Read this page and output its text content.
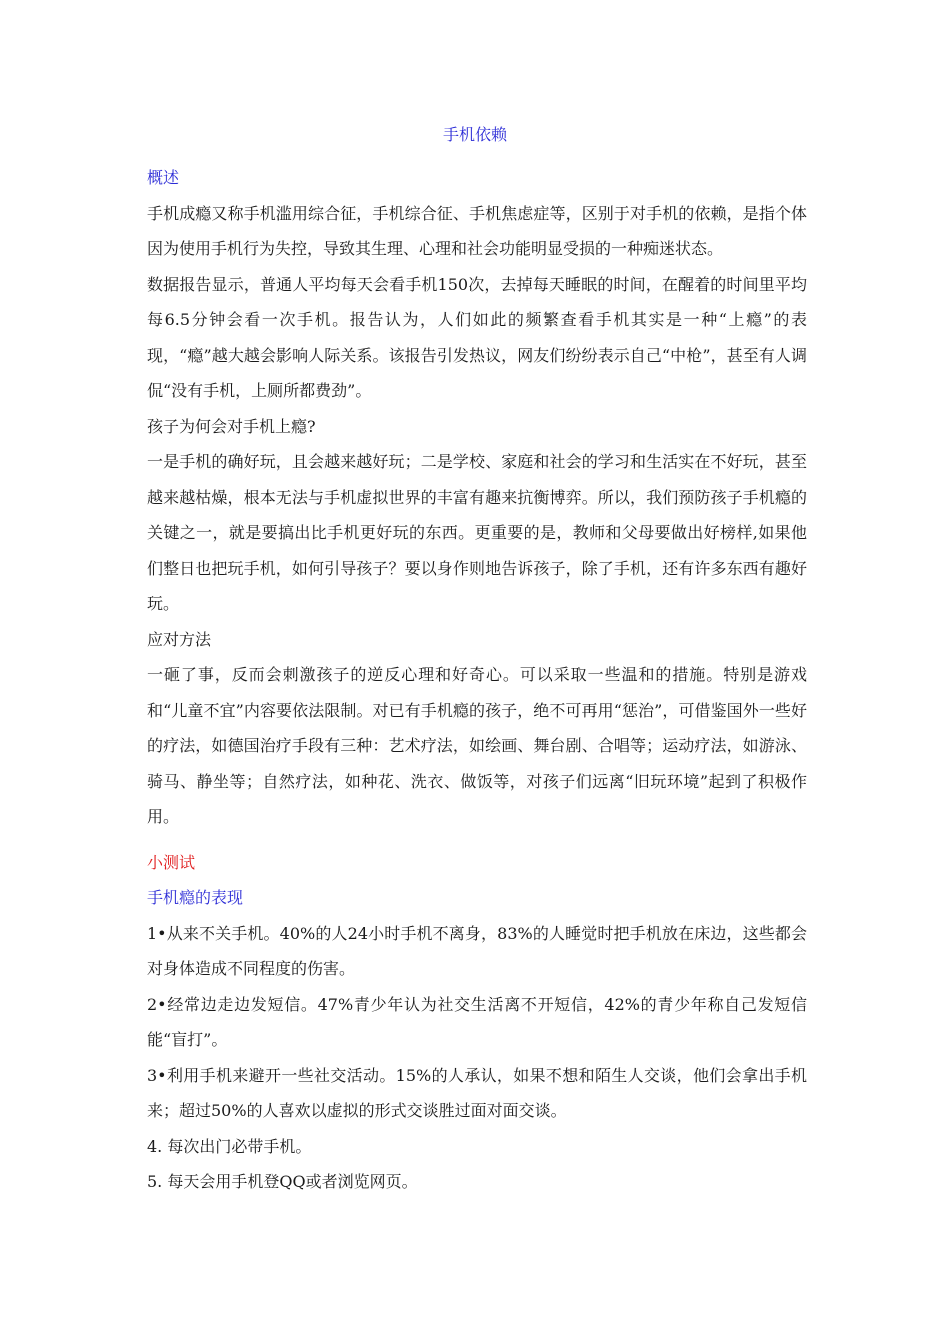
手机依赖

概述

手机成瘾又称手机滥用综合征，手机综合征、手机焦虑症等，区别于对手机的依赖，是指个体因为使用手机行为失控，导致其生理、心理和社会功能明显受损的一种痴迷状态。

数据报告显示，普通人平均每天会看手机150次，去掉每天睡眠的时间，在醒着的时间里平均每6.5分钟会看一次手机。报告认为，人们如此的频繁查看手机其实是一种“上瘾”的表现，“瘾”越大越会影响人际关系。该报告引发热议，网友们纷纷表示自己“中枪”，甚至有人调侃“没有手机，上厕所都费劲”。

孩子为何会对手机上瘾?

一是手机的确好玩，且会越来越好玩；二是学校、家庭和社会的学习和生活实在不好玩，甚至越来越枯燥，根本无法与手机虚拟世界的丰富有趣来抗衡博弈。所以，我们预防孩子手机瘾的关键之一，就是要搞出比手机更好玩的东西。更重要的是，教师和父母要做出好榜样,如果他们整日也把玩手机，如何引导孩子？要以身作则地告诉孩子，除了手机，还有许多东西有趣好玩。

应对方法

一砸了事，反而会刺激孩子的逆反心理和好奇心。可以采取一些温和的措施。特别是游戏和“儿童不宜”内容要依法限制。对已有手机瘾的孩子，绝不可再用“惩治”，可借鉴国外一些好的疗法，如德国治疗手段有三种：艺术疗法，如绘画、舞台剧、合唱等；运动疗法，如游泳、骑马、静坐等；自然疗法，如种花、洗衣、做饭等，对孩子们远离“旧玩环境”起到了积极作用。

小测试

手机瘾的表现

1•从来不关手机。40%的人24小时手机不离身，83%的人睡觉时把手机放在床边，这些都会对身体造成不同程度的伤害。

2•经常边走边发短信。47%青少年认为社交生活离不开短信，42%的青少年称自己发短信能“盲打”。

3•利用手机来避开一些社交活动。15%的人承认，如果不想和陌生人交谈，他们会拿出手机来；超过50%的人喜欢以虚拟的形式交谈胜过面对面交谈。

4. 每次出门必带手机。

5. 每天会用手机登QQ或者浏览网页。
